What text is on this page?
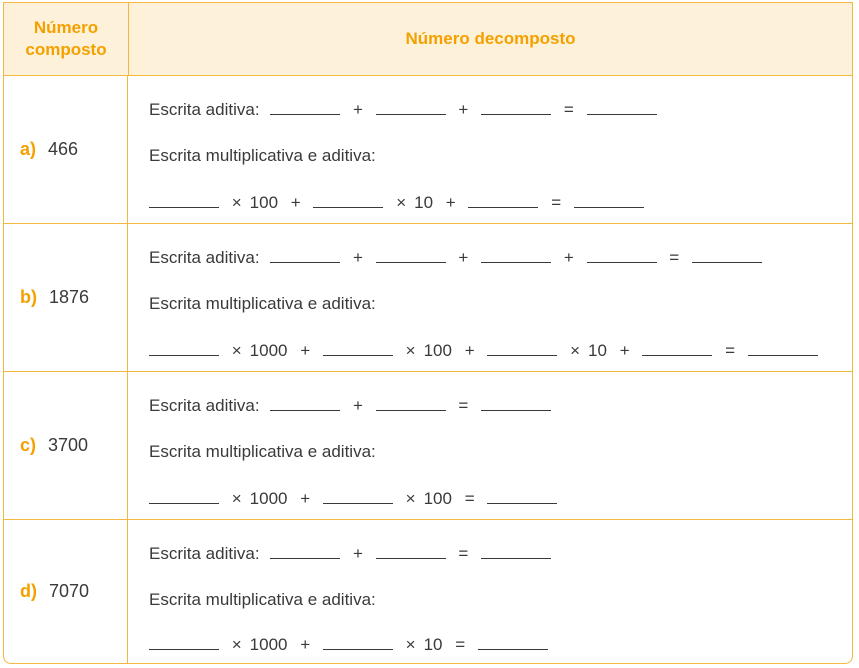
Número
composto
Número decomposto
a) 466
Escrita aditiva:	+	+	=
Escrita multiplicativa e aditiva:
× 100 +	× 10 +	=
b) 1876
Escrita aditiva:	+	+	+	=
Escrita multiplicativa e aditiva:
× 1000 +	× 100 +	× 10 +	=
c) 3700
Escrita aditiva:	+	=
Escrita multiplicativa e aditiva:
× 1000 +	× 100 =
d) 7070
Escrita aditiva:	+	=
Escrita multiplicativa e aditiva:
× 1000 +	× 10 =
